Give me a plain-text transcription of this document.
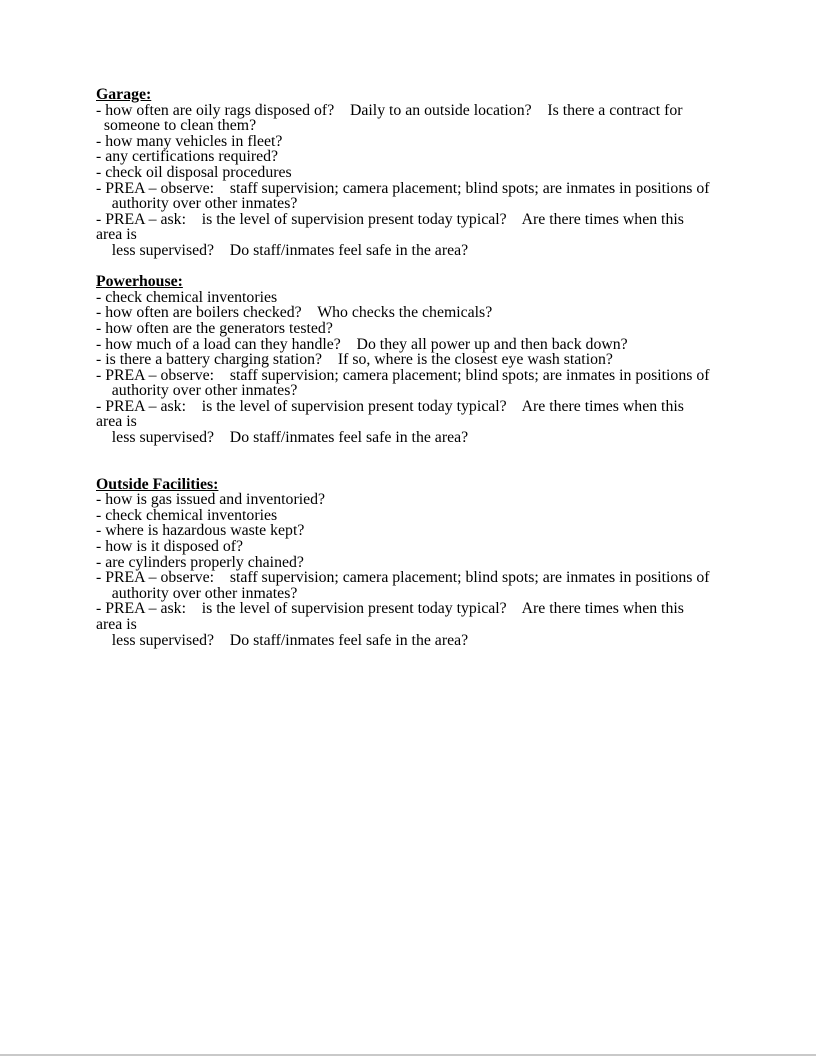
Garage:
- how often are oily rags disposed of?    Daily to an outside location?    Is there a contract for
someone to clean them?
- how many vehicles in fleet?
- any certifications required?
- check oil disposal procedures
- PREA – observe:    staff supervision; camera placement; blind spots; are inmates in positions of
authority over other inmates?
- PREA – ask:    is the level of supervision present today typical?    Are there times when this
area is
less supervised?    Do staff/inmates feel safe in the area?
Powerhouse:
- check chemical inventories
- how often are boilers checked?    Who checks the chemicals?
- how often are the generators tested?
- how much of a load can they handle?    Do they all power up and then back down?
- is there a battery charging station?    If so, where is the closest eye wash station?
- PREA – observe:    staff supervision; camera placement; blind spots; are inmates in positions of
authority over other inmates?
- PREA – ask:    is the level of supervision present today typical?    Are there times when this
area is
less supervised?    Do staff/inmates feel safe in the area?
Outside Facilities:
- how is gas issued and inventoried?
- check chemical inventories
- where is hazardous waste kept?
- how is it disposed of?
- are cylinders properly chained?
- PREA – observe:    staff supervision; camera placement; blind spots; are inmates in positions of
authority over other inmates?
- PREA – ask:    is the level of supervision present today typical?    Are there times when this
area is
less supervised?    Do staff/inmates feel safe in the area?
